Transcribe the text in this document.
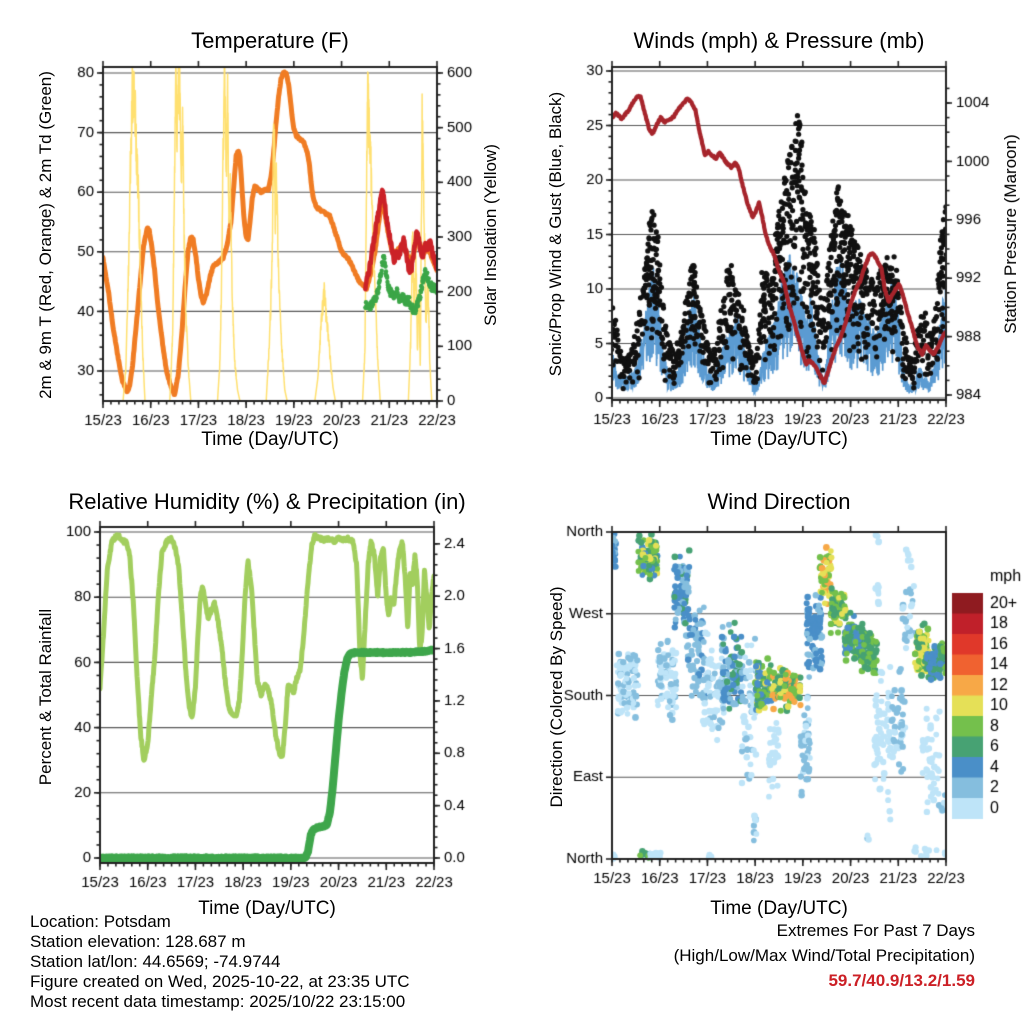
Temperature (F)	Winds (mph) & Pressure (mb)
Relative Humidity (%) & Precipitation (in)	Wind Direction
Time (Day/UTC)	Time (Day/UTC)
Time (Day/UTC)	Time (Day/UTC)
2m & 9m T (Red, Orange) & 2m Td (Green)	Solar Insolation (Yellow)	Sonic/Prop Wind & Gust (Blue, Black)	Station Pressure (Maroon)
Percent & Total Rainfall	Direction (Colored By Speed)
Location: Potsdam
Station elevation: 128.687 m
Station lat/lon: 44.6569; -74.9744
Figure created on Wed, 2025-10-22, at 23:35 UTC
Most recent data timestamp: 2025/10/22 23:15:00
Extremes For Past 7 Days
(High/Low/Max Wind/Total Precipitation)
59.7/40.9/13.2/1.59
